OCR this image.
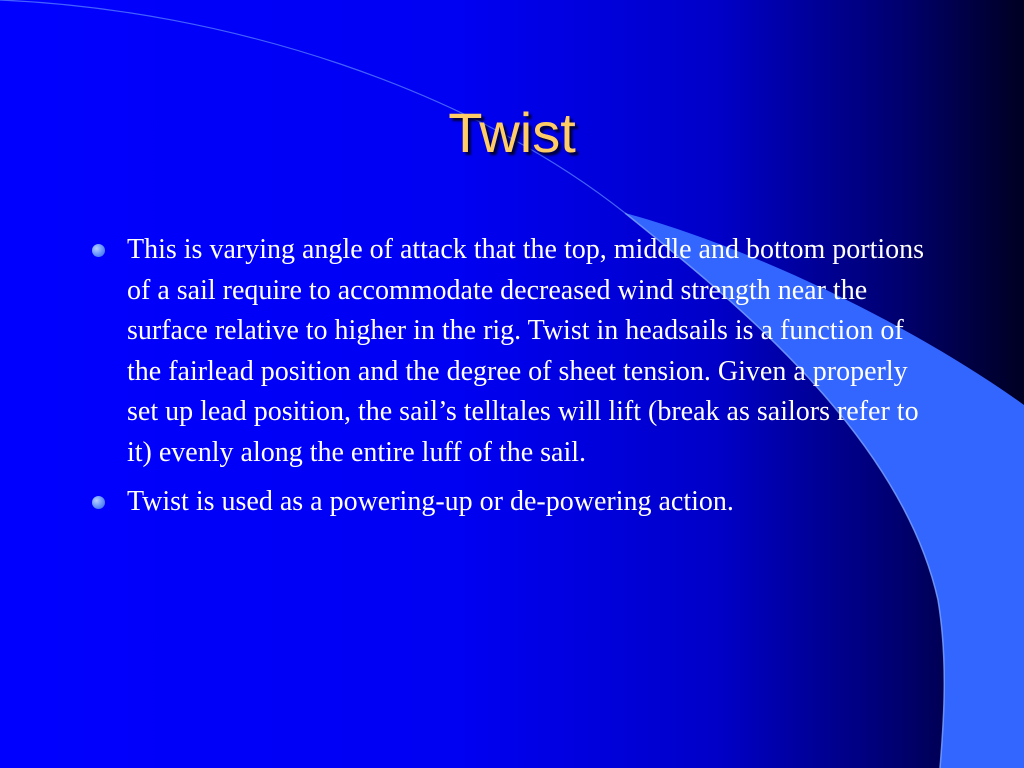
Twist
This is varying angle of attack that the top, middle and bottom portions of a sail require to accommodate decreased wind strength near the surface relative to higher in the rig. Twist in headsails is a function of the fairlead position and the degree of sheet tension. Given a properly set up lead position, the sail’s telltales will lift (break as sailors refer to it) evenly along the entire luff of the sail.
Twist is used as a powering-up or de-powering action.
